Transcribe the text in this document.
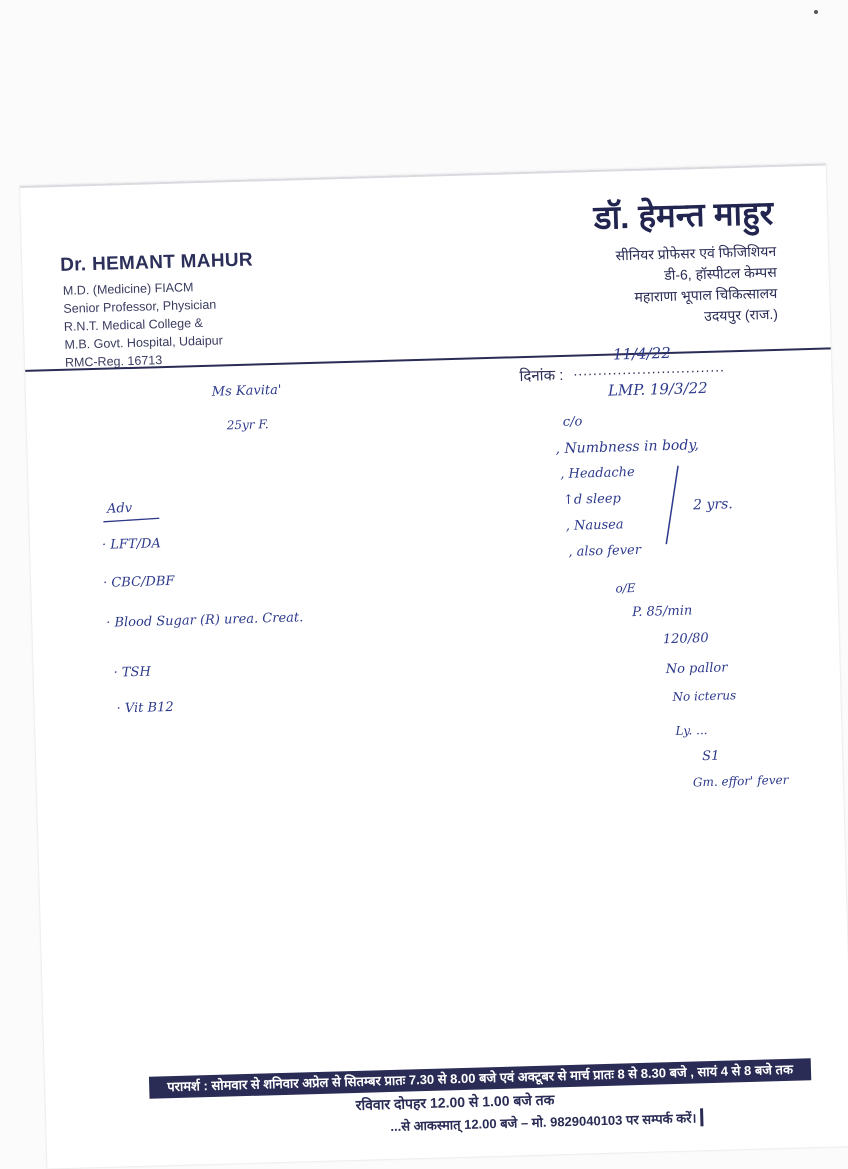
Dr. HEMANT MAHUR
M.D. (Medicine) FIACM
Senior Professor, Physician
R.N.T. Medical College &
M.B. Govt. Hospital, Udaipur
RMC-Reg. 16713
डॉ. हेमन्त माहुर
सीनियर प्रोफेसर एवं फिजिशियन
डी-6, हॉस्पीटल केम्पस
महाराणा भूपाल चिकित्सालय
उदयपुर (राज.)
दिनांक : ...............................
11/4/22
Ms Kavita'
25yr F.
LMP. 19/3/22
c/o
, Numbness in body,
, Headache
↑d sleep
, Nausea
, also fever
2 yrs.
o/E
P. 85/min
120/80
No pallor
No icterus
Ly. ...
S1
Gm. effor' fever
Adv
· LFT/DA
· CBC/DBF
· Blood Sugar (R) urea. Creat.
· TSH
· Vit B12
परामर्श : सोमवार से शनिवार अप्रेल से सितम्बर प्रातः 7.30 से 8.00 बजे एवं अक्टूबर से मार्च प्रातः 8 से 8.30 बजे , सायं 4 से 8 बजे तक
रविवार दोपहर 12.00 से 1.00 बजे तक
...से आकस्मात् 12.00 बजे – मो. 9829040103 पर सम्पर्क करें।
